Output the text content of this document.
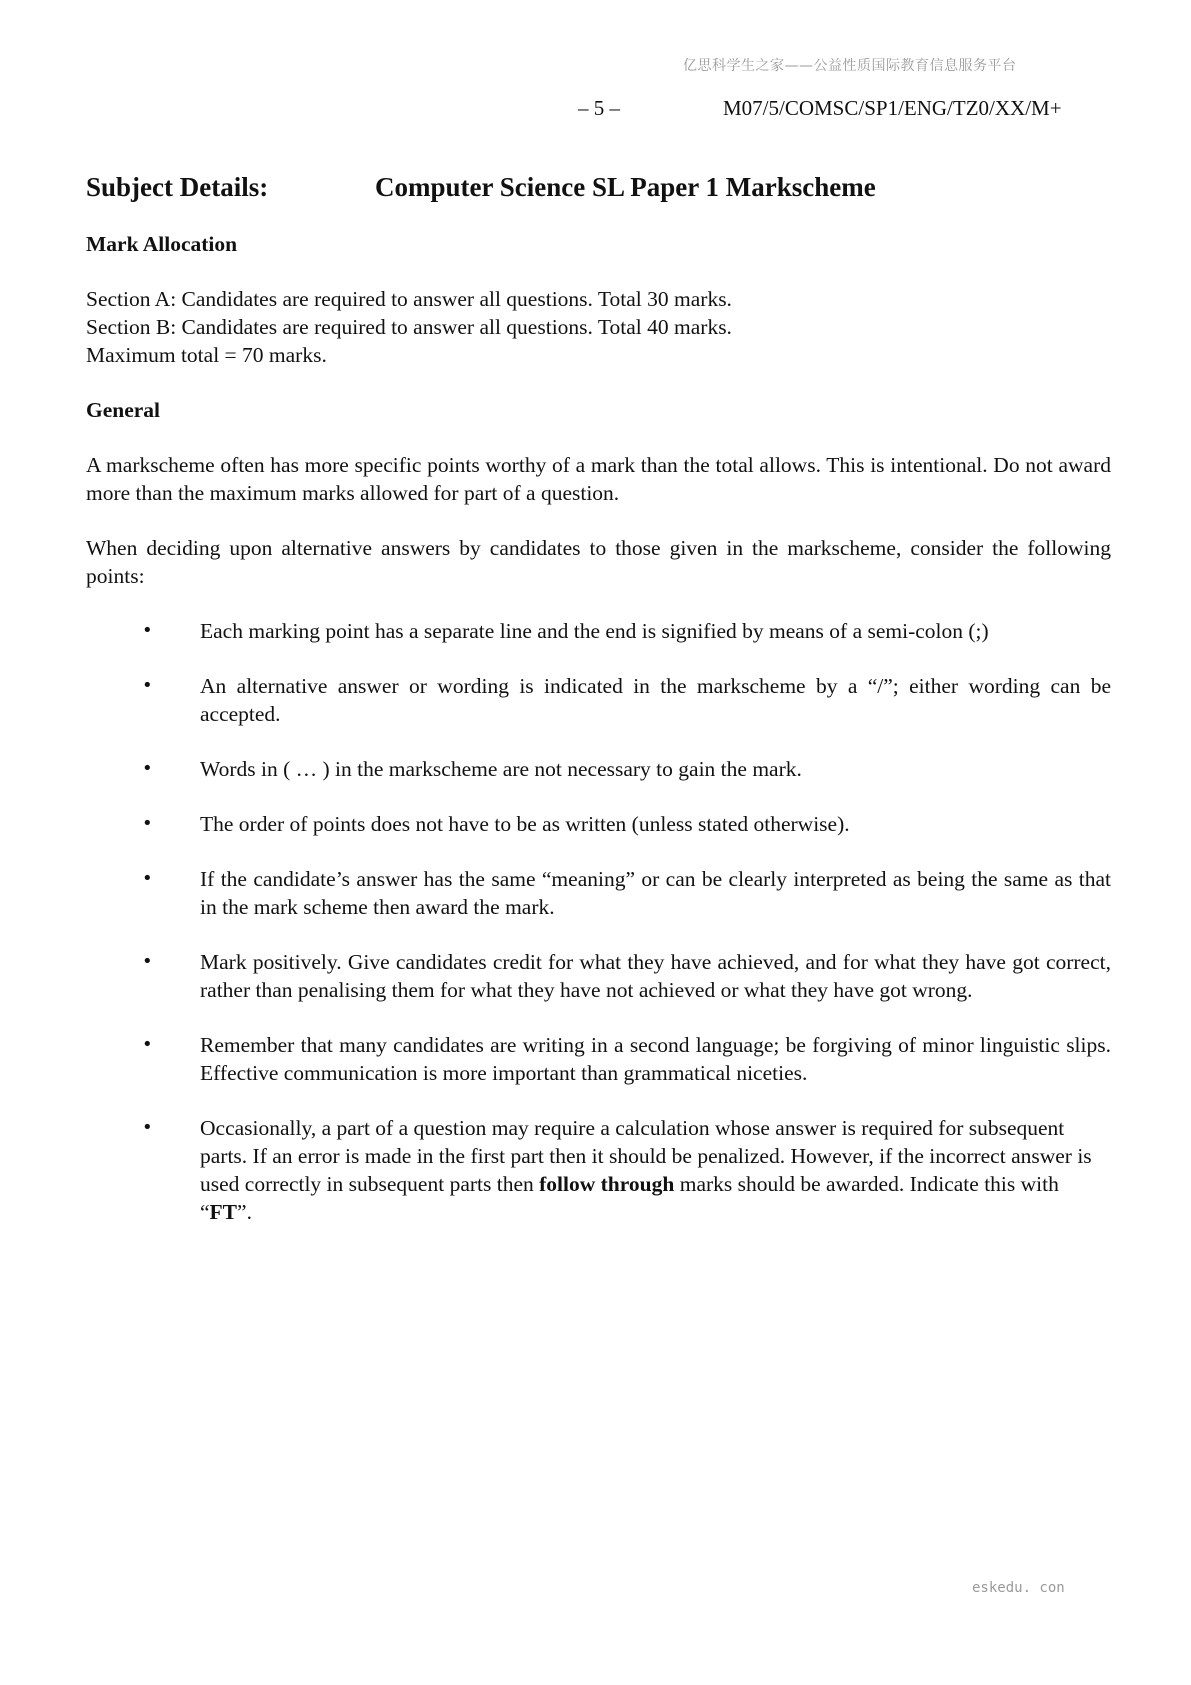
亿思科学生之家——公益性质国际教育信息服务平台
– 5 –	M07/5/COMSC/SP1/ENG/TZ0/XX/M+
Subject Details:	Computer Science SL Paper 1 Markscheme

Mark Allocation

Section A: Candidates are required to answer all questions. Total 30 marks.

Section B: Candidates are required to answer all questions. Total 40 marks.

Maximum total = 70 marks.

General

A markscheme often has more specific points worthy of a mark than the total allows. This is intentional. Do not award more than the maximum marks allowed for part of a question.

When deciding upon alternative answers by candidates to those given in the markscheme, consider the following points:

• Each marking point has a separate line and the end is signified by means of a semi-colon (;)
• An alternative answer or wording is indicated in the markscheme by a “/”; either wording can be accepted.
• Words in ( … ) in the markscheme are not necessary to gain the mark.
• The order of points does not have to be as written (unless stated otherwise).
• If the candidate’s answer has the same “meaning” or can be clearly interpreted as being the same as that in the mark scheme then award the mark.
• Mark positively. Give candidates credit for what they have achieved, and for what they have got correct, rather than penalising them for what they have not achieved or what they have got wrong.
• Remember that many candidates are writing in a second language; be forgiving of minor linguistic slips. Effective communication is more important than grammatical niceties.
• Occasionally, a part of a question may require a calculation whose answer is required for subsequent parts. If an error is made in the first part then it should be penalized. However, if the incorrect answer is used correctly in subsequent parts then follow through marks should be awarded. Indicate this with “FT”.
eskedu. con
